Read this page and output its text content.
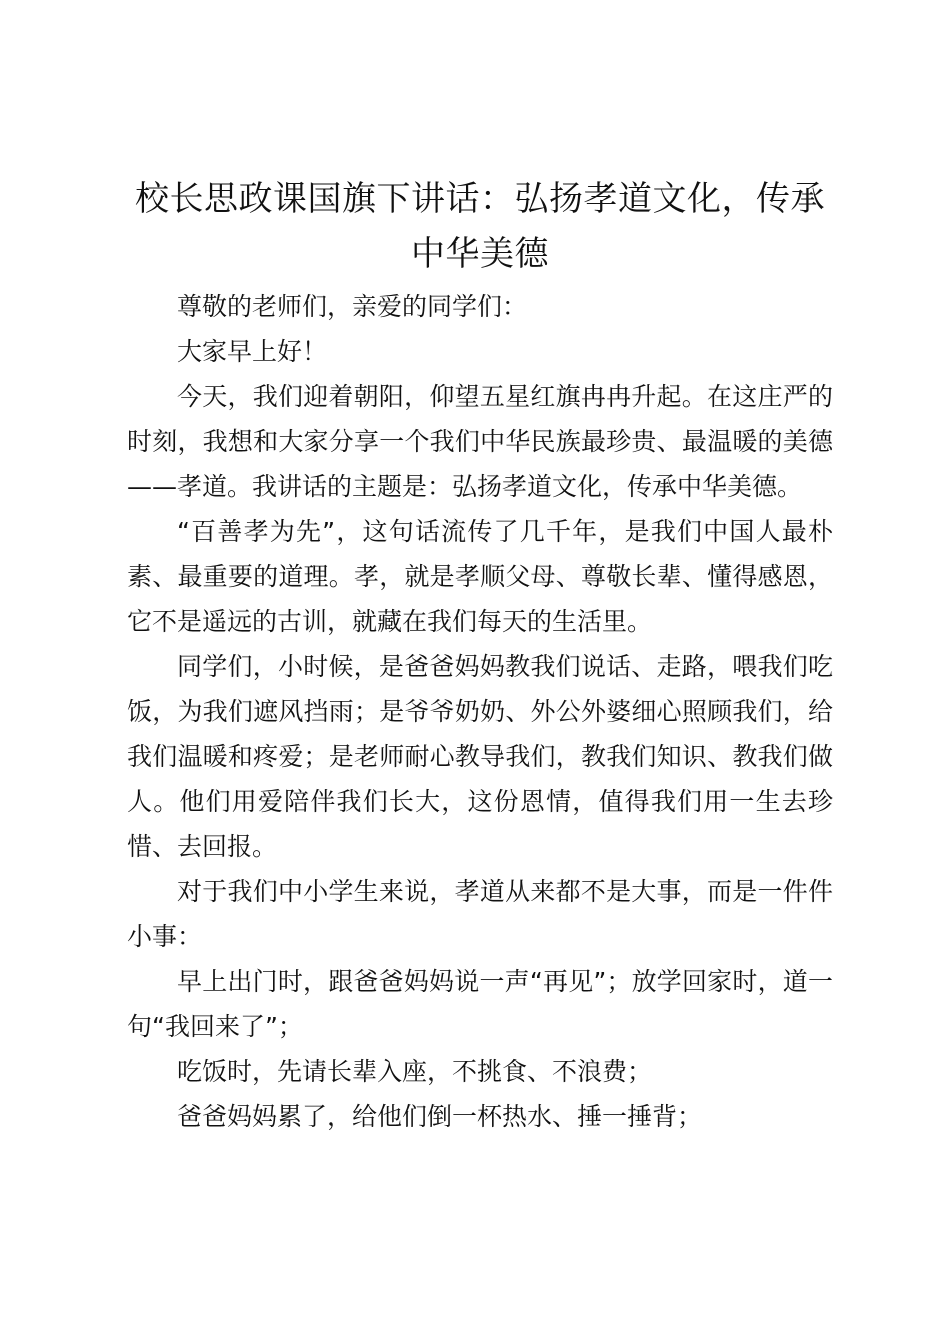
校长思政课国旗下讲话：弘扬孝道文化，传承中华美德

尊敬的老师们，亲爱的同学们：

大家早上好！

今天，我们迎着朝阳，仰望五星红旗冉冉升起。在这庄严的时刻，我想和大家分享一个我们中华民族最珍贵、最温暖的美德——孝道。我讲话的主题是：弘扬孝道文化，传承中华美德。

“百善孝为先”，这句话流传了几千年，是我们中国人最朴素、最重要的道理。孝，就是孝顺父母、尊敬长辈、懂得感恩，它不是遥远的古训，就藏在我们每天的生活里。

同学们，小时候，是爸爸妈妈教我们说话、走路，喂我们吃饭，为我们遮风挡雨；是爷爷奶奶、外公外婆细心照顾我们，给我们温暖和疼爱；是老师耐心教导我们，教我们知识、教我们做人。他们用爱陪伴我们长大，这份恩情，值得我们用一生去珍惜、去回报。

对于我们中小学生来说，孝道从来都不是大事，而是一件件小事：

早上出门时，跟爸爸妈妈说一声“再见”；放学回家时，道一句“我回来了”；

吃饭时，先请长辈入座，不挑食、不浪费；

爸爸妈妈累了，给他们倒一杯热水、捶一捶背；
